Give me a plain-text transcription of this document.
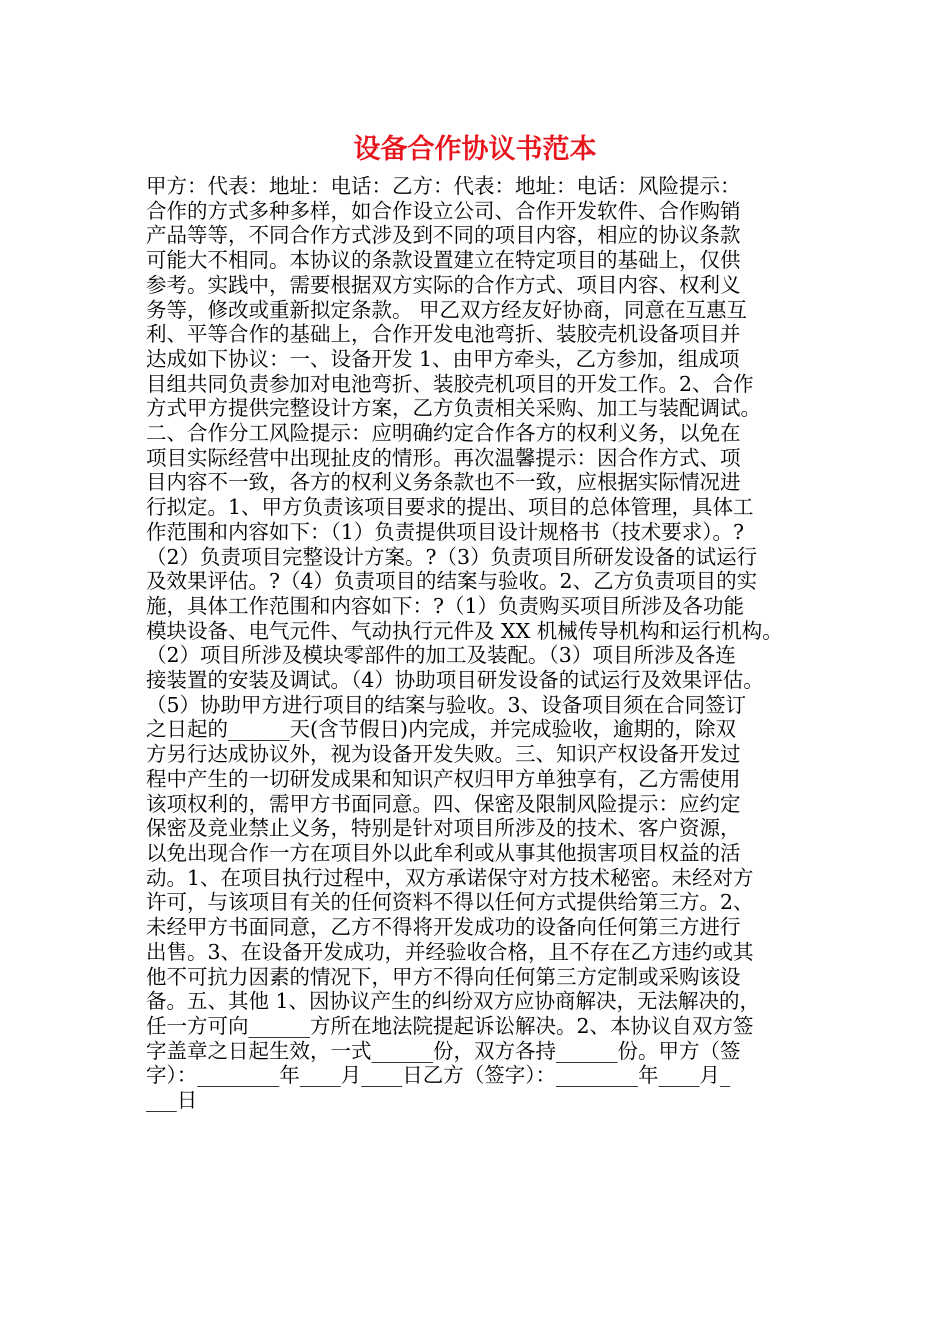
设备合作协议书范本
甲方：代表：地址：电话：乙方：代表：地址：电话：风险提示：
合作的方式多种多样，如合作设立公司、合作开发软件、合作购销
产品等等，不同合作方式涉及到不同的项目内容，相应的协议条款
可能大不相同。本协议的条款设置建立在特定项目的基础上，仅供
参考。实践中，需要根据双方实际的合作方式、项目内容、权利义
务等，修改或重新拟定条款。 甲乙双方经友好协商，同意在互惠互
利、平等合作的基础上，合作开发电池弯折、装胶壳机设备项目并
达成如下协议：一、设备开发 1、由甲方牵头，乙方参加，组成项
目组共同负责参加对电池弯折、装胶壳机项目的开发工作。2、合作
方式甲方提供完整设计方案，乙方负责相关采购、加工与装配调试。
二、合作分工风险提示：应明确约定合作各方的权利义务，以免在
项目实际经营中出现扯皮的情形。再次温馨提示：因合作方式、项
目内容不一致，各方的权利义务条款也不一致，应根据实际情况进
行拟定。1、甲方负责该项目要求的提出、项目的总体管理，具体工
作范围和内容如下：（1）负责提供项目设计规格书（技术要求）。?
（2）负责项目完整设计方案。?（3）负责项目所研发设备的试运行
及效果评估。?（4）负责项目的结案与验收。2、乙方负责项目的实
施，具体工作范围和内容如下：?（1）负责购买项目所涉及各功能
模块设备、电气元件、气动执行元件及 XX 机械传导机构和运行机构。
（2）项目所涉及模块零部件的加工及装配。（3）项目所涉及各连
接装置的安装及调试。（4）协助项目研发设备的试运行及效果评估。
（5）协助甲方进行项目的结案与验收。3、设备项目须在合同签订
之日起的______天(含节假日)内完成，并完成验收，逾期的，除双
方另行达成协议外，视为设备开发失败。三、知识产权设备开发过
程中产生的一切研发成果和知识产权归甲方单独享有，乙方需使用
该项权利的，需甲方书面同意。四、保密及限制风险提示：应约定
保密及竞业禁止义务，特别是针对项目所涉及的技术、客户资源，
以免出现合作一方在项目外以此牟利或从事其他损害项目权益的活
动。1、在项目执行过程中，双方承诺保守对方技术秘密。未经对方
许可，与该项目有关的任何资料不得以任何方式提供给第三方。2、
未经甲方书面同意，乙方不得将开发成功的设备向任何第三方进行
出售。3、在设备开发成功，并经验收合格，且不存在乙方违约或其
他不可抗力因素的情况下，甲方不得向任何第三方定制或采购该设
备。五、其他 1、因协议产生的纠纷双方应协商解决，无法解决的，
任一方可向______方所在地法院提起诉讼解决。2、本协议自双方签
字盖章之日起生效，一式______份，双方各持______份。甲方（签
字）：________年____月____日乙方（签字）：________年____月_
___日
